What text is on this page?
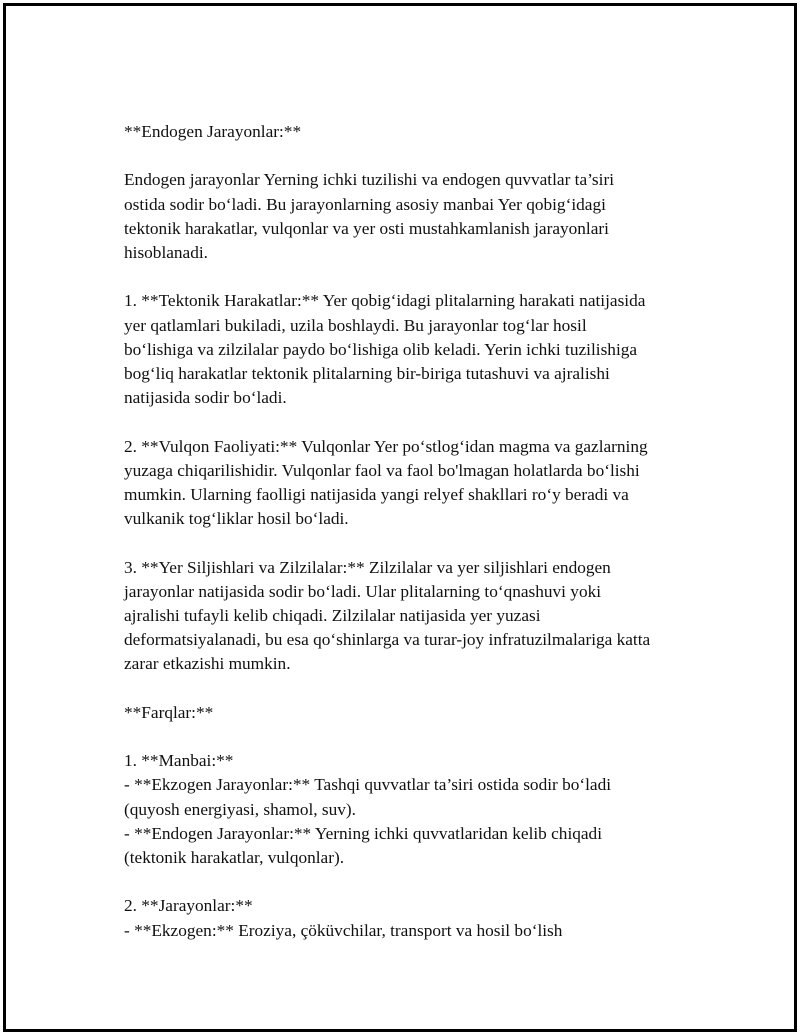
**Endogen Jarayonlar:**

Endogen jarayonlar Yerning ichki tuzilishi va endogen quvvatlar ta’siri
ostida sodir bo‘ladi. Bu jarayonlarning asosiy manbai Yer qobig‘idagi
tektonik harakatlar, vulqonlar va yer osti mustahkamlanish jarayonlari
hisoblanadi.

1. **Tektonik Harakatlar:** Yer qobig‘idagi plitalarning harakati natijasida
yer qatlamlari bukiladi, uzila boshlaydi. Bu jarayonlar tog‘lar hosil
bo‘lishiga va zilzilalar paydo bo‘lishiga olib keladi. Yerin ichki tuzilishiga
bog‘liq harakatlar tektonik plitalarning bir-biriga tutashuvi va ajralishi
natijasida sodir bo‘ladi.

2. **Vulqon Faoliyati:** Vulqonlar Yer po‘stlog‘idan magma va gazlarning
yuzaga chiqarilishidir. Vulqonlar faol va faol bo'lmagan holatlarda bo‘lishi
mumkin. Ularning faolligi natijasida yangi relyef shakllari ro‘y beradi va
vulkanik tog‘liklar hosil bo‘ladi.

3. **Yer Siljishlari va Zilzilalar:** Zilzilalar va yer siljishlari endogen
jarayonlar natijasida sodir bo‘ladi. Ular plitalarning to‘qnashuvi yoki
ajralishi tufayli kelib chiqadi. Zilzilalar natijasida yer yuzasi
deformatsiyalanadi, bu esa qo‘shinlarga va turar-joy infratuzilmalariga katta
zarar etkazishi mumkin.

**Farqlar:**

1. **Manbai:**
- **Ekzogen Jarayonlar:** Tashqi quvvatlar ta’siri ostida sodir bo‘ladi
(quyosh energiyasi, shamol, suv).
- **Endogen Jarayonlar:** Yerning ichki quvvatlaridan kelib chiqadi
(tektonik harakatlar, vulqonlar).

2. **Jarayonlar:**
- **Ekzogen:** Eroziya, çöküvchilar, transport va hosil bo‘lish
